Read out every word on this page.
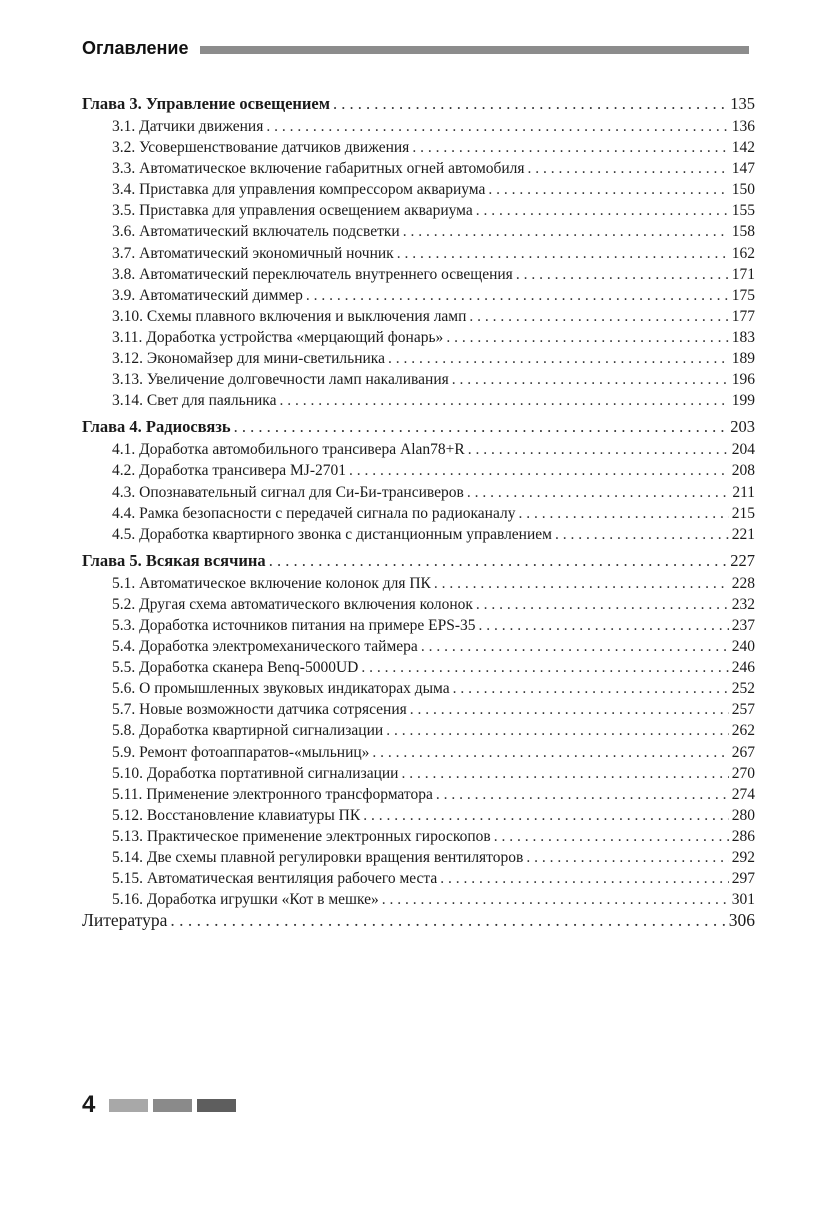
Оглавление
Глава 3. Управление освещением . . .	135
3.1. Датчики движения . . .	136
3.2. Усовершенствование датчиков движения . . .	142
3.3. Автоматическое включение габаритных огней автомобиля . . .	147
3.4. Приставка для управления компрессором аквариума . . .	150
3.5. Приставка для управления освещением аквариума . . .	155
3.6. Автоматический включатель подсветки . . .	158
3.7. Автоматический экономичный ночник . . .	162
3.8. Автоматический переключатель внутреннего освещения . . .	171
3.9. Автоматический диммер . . .	175
3.10. Схемы плавного включения и выключения ламп . . .	177
3.11. Доработка устройства «мерцающий фонарь» . . .	183
3.12. Экономайзер для мини-светильника . . .	189
3.13. Увеличение долговечности ламп накаливания . . .	196
3.14. Свет для паяльника . . .	199
Глава 4. Радиосвязь . . .	203
4.1. Доработка автомобильного трансивера Alan78+R . . .	204
4.2. Доработка трансивера MJ-2701 . . .	208
4.3. Опознавательный сигнал для Си-Би-трансиверов . . .	211
4.4. Рамка безопасности с передачей сигнала по радиоканалу . . .	215
4.5. Доработка квартирного звонка с дистанционным управлением . . .	221
Глава 5. Всякая всячина . . .	227
5.1. Автоматическое включение колонок для ПК . . .	228
5.2. Другая схема автоматического включения колонок . . .	232
5.3. Доработка источников питания на примере EPS-35 . . .	237
5.4. Доработка электромеханического таймера . . .	240
5.5. Доработка сканера Benq-5000UD . . .	246
5.6. О промышленных звуковых индикаторах дыма . . .	252
5.7. Новые возможности датчика сотрясения . . .	257
5.8. Доработка квартирной сигнализации . . .	262
5.9. Ремонт фотоаппаратов-«мыльниц» . . .	267
5.10. Доработка портативной сигнализации . . .	270
5.11. Применение электронного трансформатора . . .	274
5.12. Восстановление клавиатуры ПК . . .	280
5.13. Практическое применение электронных гироскопов . . .	286
5.14. Две схемы плавной регулировки вращения вентиляторов . . .	292
5.15. Автоматическая вентиляция рабочего места . . .	297
5.16. Доработка игрушки «Кот в мешке» . . .	301
Литература . . .	306
4
